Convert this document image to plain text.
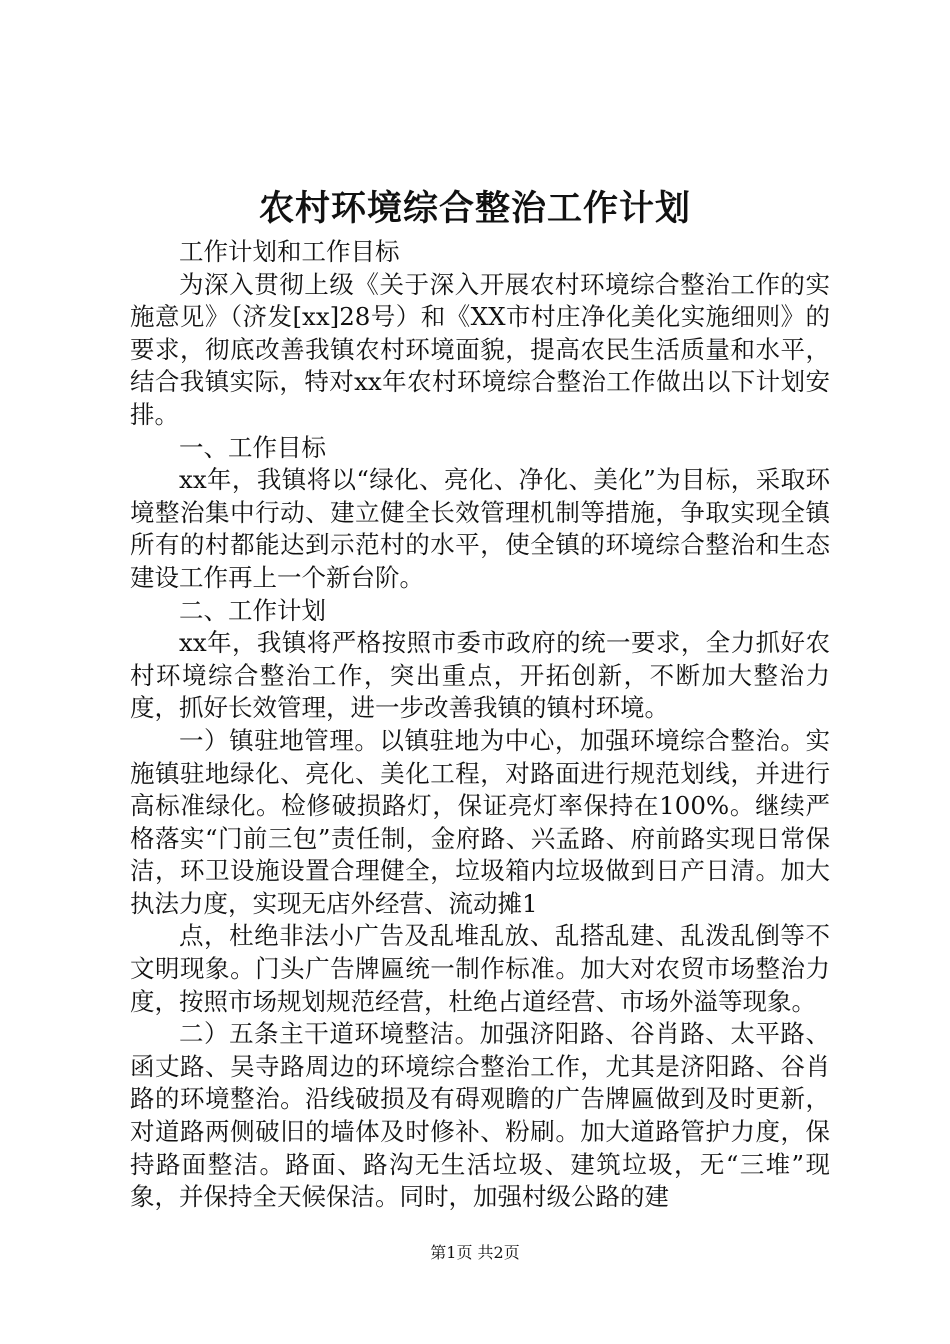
农村环境综合整治工作计划

工作计划和工作目标

为深入贯彻上级《关于深入开展农村环境综合整治工作的实施意见》（济发[xx]28号）和《XX市村庄净化美化实施细则》的要求，彻底改善我镇农村环境面貌，提高农民生活质量和水平，结合我镇实际，特对xx年农村环境综合整治工作做出以下计划安排。

一、工作目标

xx年，我镇将以“绿化、亮化、净化、美化”为目标，采取环境整治集中行动、建立健全长效管理机制等措施，争取实现全镇所有的村都能达到示范村的水平，使全镇的环境综合整治和生态建设工作再上一个新台阶。

二、工作计划

xx年，我镇将严格按照市委市政府的统一要求，全力抓好农村环境综合整治工作，突出重点，开拓创新，不断加大整治力度，抓好长效管理，进一步改善我镇的镇村环境。

一）镇驻地管理。以镇驻地为中心，加强环境综合整治。实施镇驻地绿化、亮化、美化工程，对路面进行规范划线，并进行高标准绿化。检修破损路灯，保证亮灯率保持在100%。继续严格落实“门前三包”责任制，金府路、兴孟路、府前路实现日常保洁，环卫设施设置合理健全，垃圾箱内垃圾做到日产日清。加大执法力度，实现无店外经营、流动摊1

点，杜绝非法小广告及乱堆乱放、乱搭乱建、乱泼乱倒等不文明现象。门头广告牌匾统一制作标准。加大对农贸市场整治力度，按照市场规划规范经营，杜绝占道经营、市场外溢等现象。

二）五条主干道环境整洁。加强济阳路、谷肖路、太平路、函丈路、吴寺路周边的环境综合整治工作，尤其是济阳路、谷肖路的环境整治。沿线破损及有碍观瞻的广告牌匾做到及时更新，对道路两侧破旧的墙体及时修补、粉刷。加大道路管护力度，保持路面整洁。路面、路沟无生活垃圾、建筑垃圾，无“三堆”现象，并保持全天候保洁。同时，加强村级公路的建

第1页 共2页
